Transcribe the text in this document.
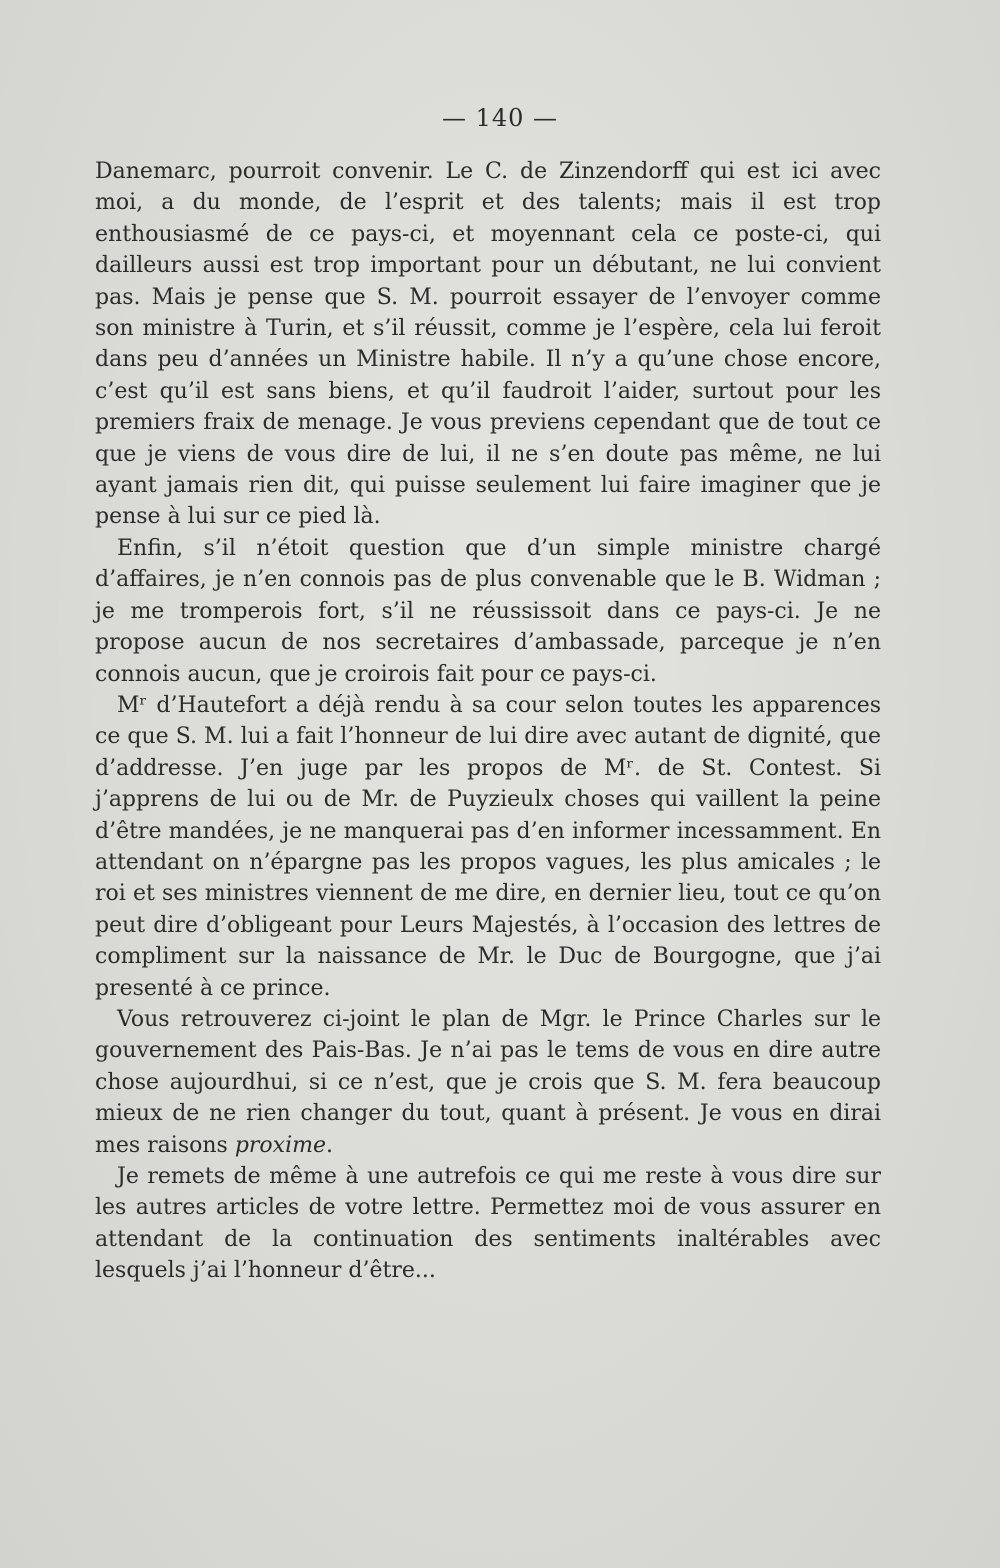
— 140 —

Danemarc, pourroit convenir. Le C. de Zinzendorff qui est ici avec moi, a du monde, de l’esprit et des talents; mais il est trop enthousiasmé de ce pays-ci, et moyennant cela ce poste-ci, qui dailleurs aussi est trop important pour un débutant, ne lui convient pas. Mais je pense que S. M. pourroit essayer de l’envoyer comme son ministre à Turin, et s’il réussit, comme je l’espère, cela lui feroit dans peu d’années un Ministre habile. Il n’y a qu’une chose encore, c’est qu’il est sans biens, et qu’il faudroit l’aider, surtout pour les premiers fraix de menage. Je vous previens cependant que de tout ce que je viens de vous dire de lui, il ne s’en doute pas même, ne lui ayant jamais rien dit, qui puisse seulement lui faire imaginer que je pense à lui sur ce pied là.

Enfin, s’il n’étoit question que d’un simple ministre chargé d’affaires, je n’en connois pas de plus convenable que le B. Widman ; je me tromperois fort, s’il ne réussissoit dans ce pays-ci. Je ne propose aucun de nos secretaires d’ambassade, parceque je n’en connois aucun, que je croirois fait pour ce pays-ci.

Mʳ d’Hautefort a déjà rendu à sa cour selon toutes les apparences ce que S. M. lui a fait l’honneur de lui dire avec autant de dignité, que d’addresse. J’en juge par les propos de Mʳ. de St. Contest. Si j’apprens de lui ou de Mr. de Puyzieulx choses qui vaillent la peine d’être mandées, je ne manquerai pas d’en informer incessamment. En attendant on n’épargne pas les propos vagues, les plus amicales ; le roi et ses ministres viennent de me dire, en dernier lieu, tout ce qu’on peut dire d’obligeant pour Leurs Majestés, à l’occasion des lettres de compliment sur la naissance de Mr. le Duc de Bourgogne, que j’ai presenté à ce prince.

Vous retrouverez ci-joint le plan de Mgr. le Prince Charles sur le gouvernement des Pais-Bas. Je n’ai pas le tems de vous en dire autre chose aujourdhui, si ce n’est, que je crois que S. M. fera beaucoup mieux de ne rien changer du tout, quant à présent. Je vous en dirai mes raisons proxime.

Je remets de même à une autrefois ce qui me reste à vous dire sur les autres articles de votre lettre. Permettez moi de vous assurer en attendant de la continuation des sentiments inaltérables avec lesquels j’ai l’honneur d’être...
